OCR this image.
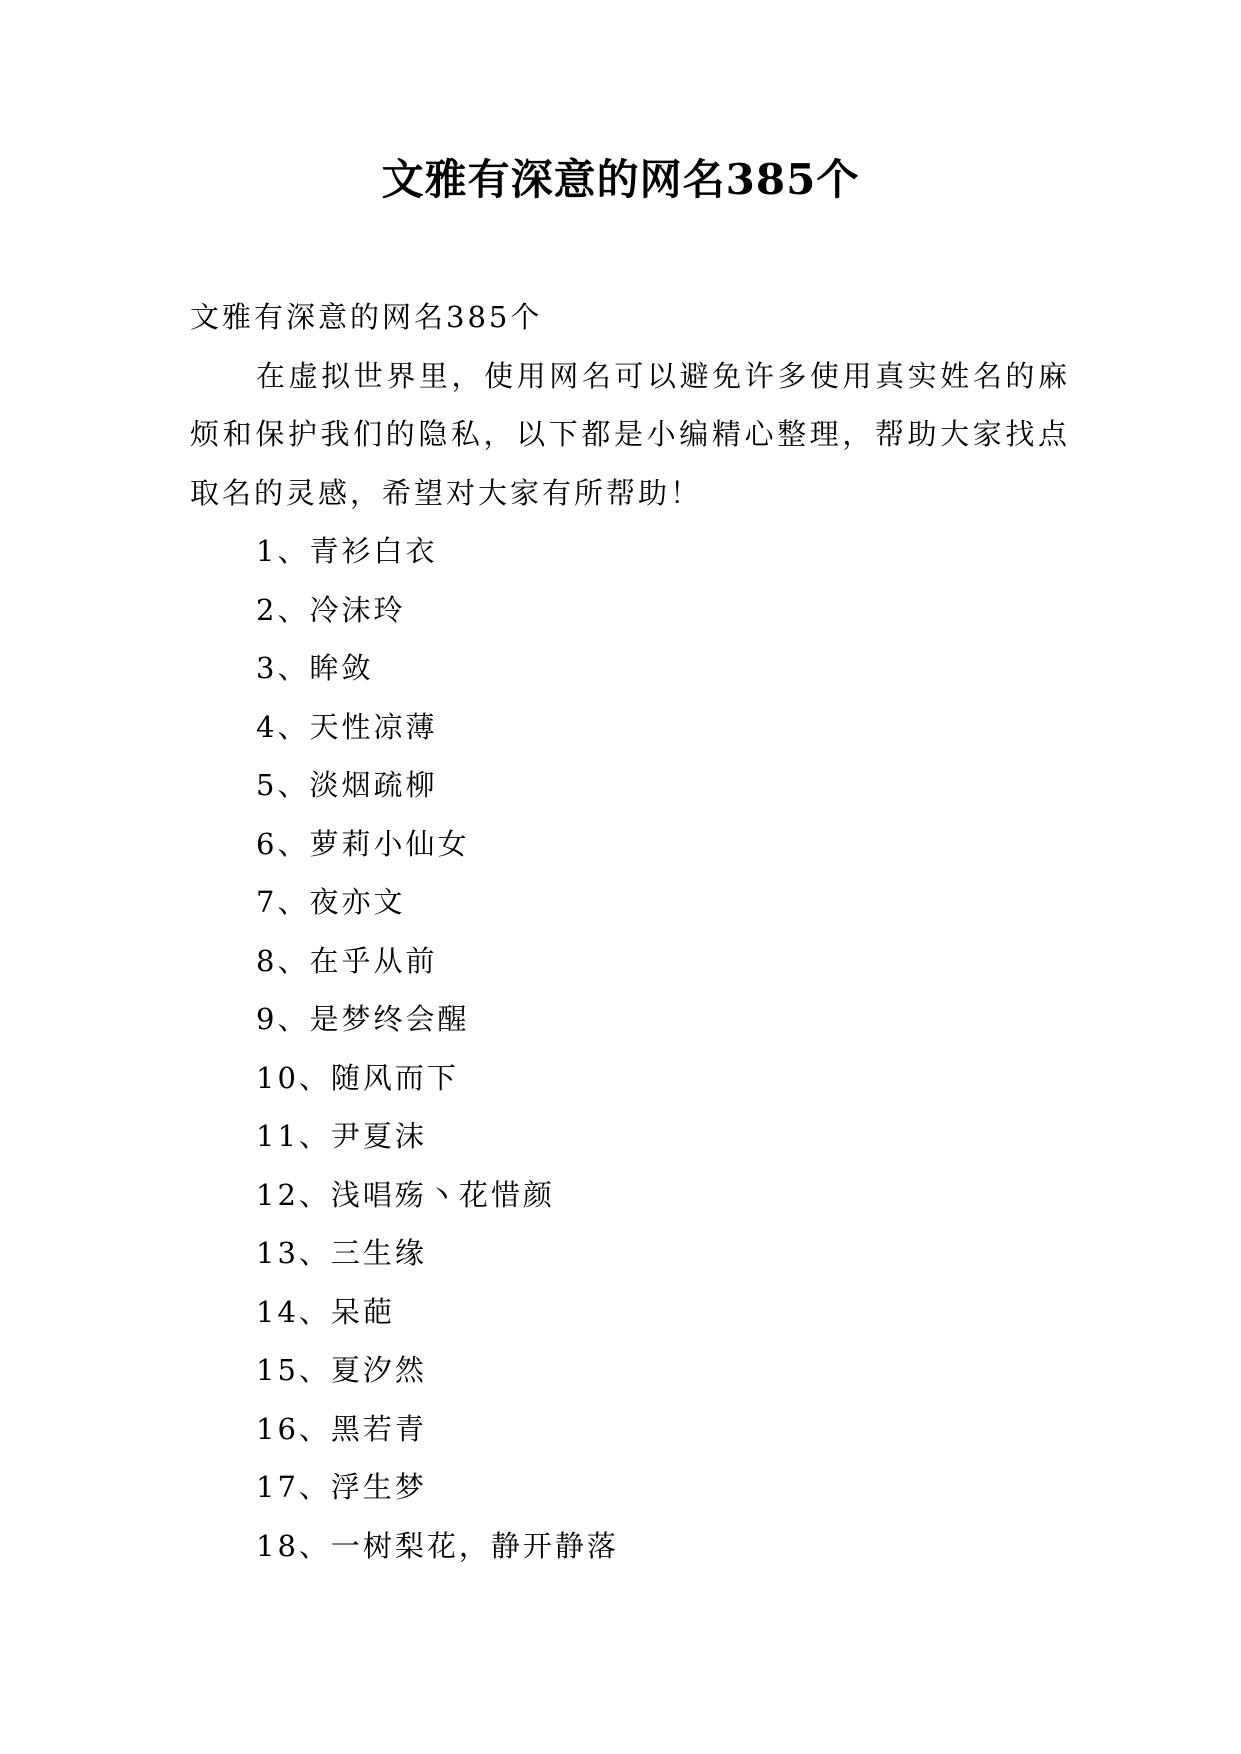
文雅有深意的网名385个
文雅有深意的网名385个
在虚拟世界里，使用网名可以避免许多使用真实姓名的麻烦和保护我们的隐私，以下都是小编精心整理，帮助大家找点取名的灵感，希望对大家有所帮助！
1、青衫白衣
2、冷沫玲
3、眸敛
4、天性凉薄
5、淡烟疏柳
6、萝莉小仙女
7、夜亦文
8、在乎从前
9、是梦终会醒
10、随风而下
11、尹夏沫
12、浅唱殇丶花惜颜
13、三生缘
14、呆葩
15、夏汐然
16、黑若青
17、浮生梦
18、一树梨花，静开静落
